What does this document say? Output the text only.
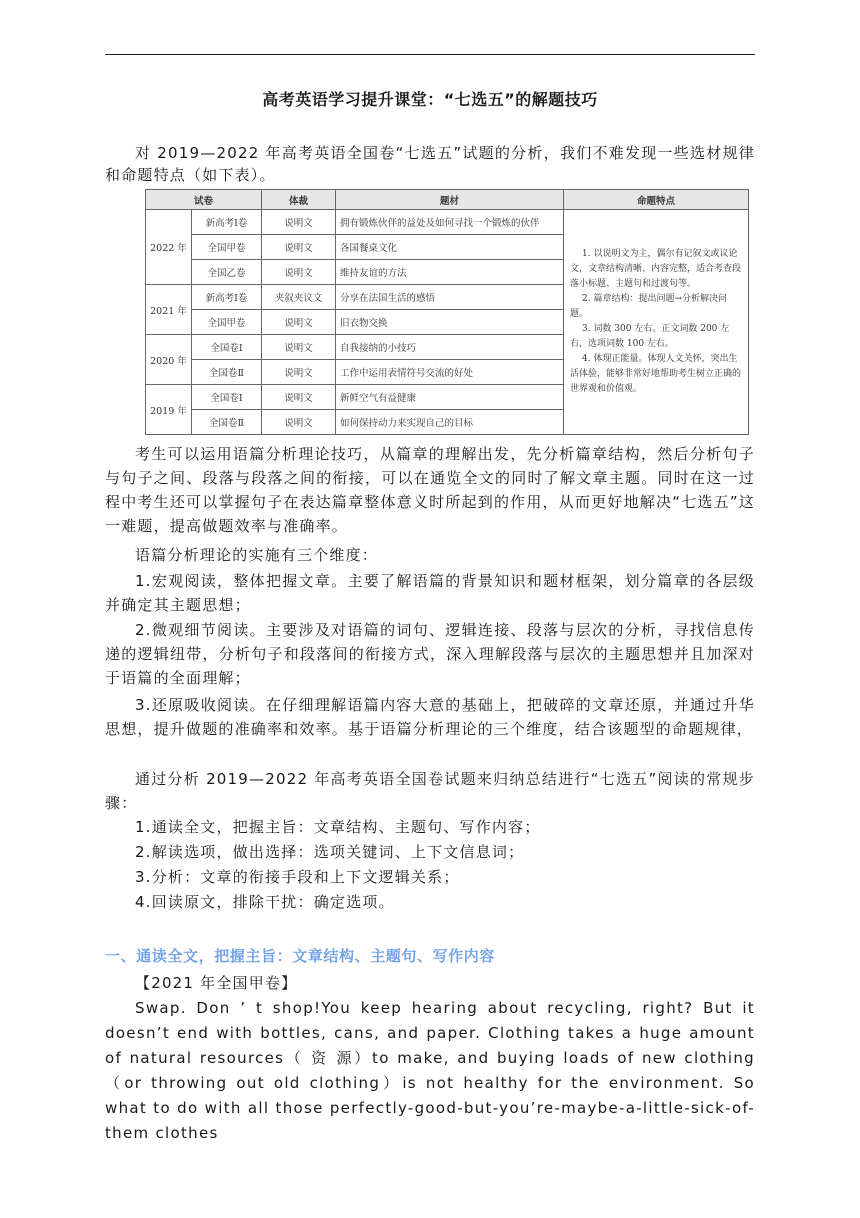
高考英语学习提升课堂：“七选五”的解题技巧
对 2019—2022 年高考英语全国卷“七选五”试题的分析，我们不难发现一些选材规律和命题特点（如下表）。
试卷		体裁	题材	命题特点
2022 年	新高考Ⅰ卷	说明文	拥有锻炼伙伴的益处及如何寻找一个锻炼的伙伴	1. 以说明文为主，偶尔有记叙文或议论文，文章结构清晰、内容完整，适合考查段落小标题、主题句和过渡句等。
2. 篇章结构：提出问题→分析解决问题。
3. 词数 300 左右。正文词数 200 左右，选项词数 100 左右。
4. 体现正能量。体现人文关怀，突出生活体验，能够非常好地帮助考生树立正确的世界观和价值观。

	全国甲卷	说明文	各国餐桌文化	
	全国乙卷	说明文	维持友谊的方法	
2021 年	新高考Ⅰ卷	夹叙夹议文	分享在法国生活的感悟	
	全国甲卷	说明文	旧衣物交换	
2020 年	全国卷Ⅰ	说明文	自我接纳的小技巧	
	全国卷Ⅱ	说明文	工作中运用表情符号交流的好处	
2019 年	全国卷Ⅰ	说明文	新鲜空气有益健康	
	全国卷Ⅱ	说明文	如何保持动力来实现自己的目标	
考生可以运用语篇分析理论技巧，从篇章的理解出发，先分析篇章结构，然后分析句子与句子之间、段落与段落之间的衔接，可以在通览全文的同时了解文章主题。同时在这一过程中考生还可以掌握句子在表达篇章整体意义时所起到的作用，从而更好地解决“七选五”这一难题，提高做题效率与准确率。
语篇分析理论的实施有三个维度：
1.宏观阅读，整体把握文章。主要了解语篇的背景知识和题材框架，划分篇章的各层级并确定其主题思想；
2.微观细节阅读。主要涉及对语篇的词句、逻辑连接、段落与层次的分析，寻找信息传递的逻辑纽带，分析句子和段落间的衔接方式，深入理解段落与层次的主题思想并且加深对于语篇的全面理解；
3.还原吸收阅读。在仔细理解语篇内容大意的基础上，把破碎的文章还原，并通过升华思想，提升做题的准确率和效率。基于语篇分析理论的三个维度，结合该题型的命题规律，
通过分析 2019—2022 年高考英语全国卷试题来归纳总结进行“七选五”阅读的常规步骤：
1.通读全文，把握主旨：文章结构、主题句、写作内容；
2.解读选项，做出选择：选项关键词、上下文信息词；
3.分析：文章的衔接手段和上下文逻辑关系；
4.回读原文，排除干扰：确定选项。
一、通读全文，把握主旨：文章结构、主题句、写作内容
【2021 年全国甲卷】
Swap. Don ’ t shop!You keep hearing about recycling, right? But it doesn’t end with bottles, cans, and paper. Clothing takes a huge amount of natural resources（ 资 源）to make, and buying loads of new clothing（or throwing out old clothing）is not healthy for the environment. So what to do with all those perfectly-good-but-you’re-maybe-a-little-sick-of-them clothes
